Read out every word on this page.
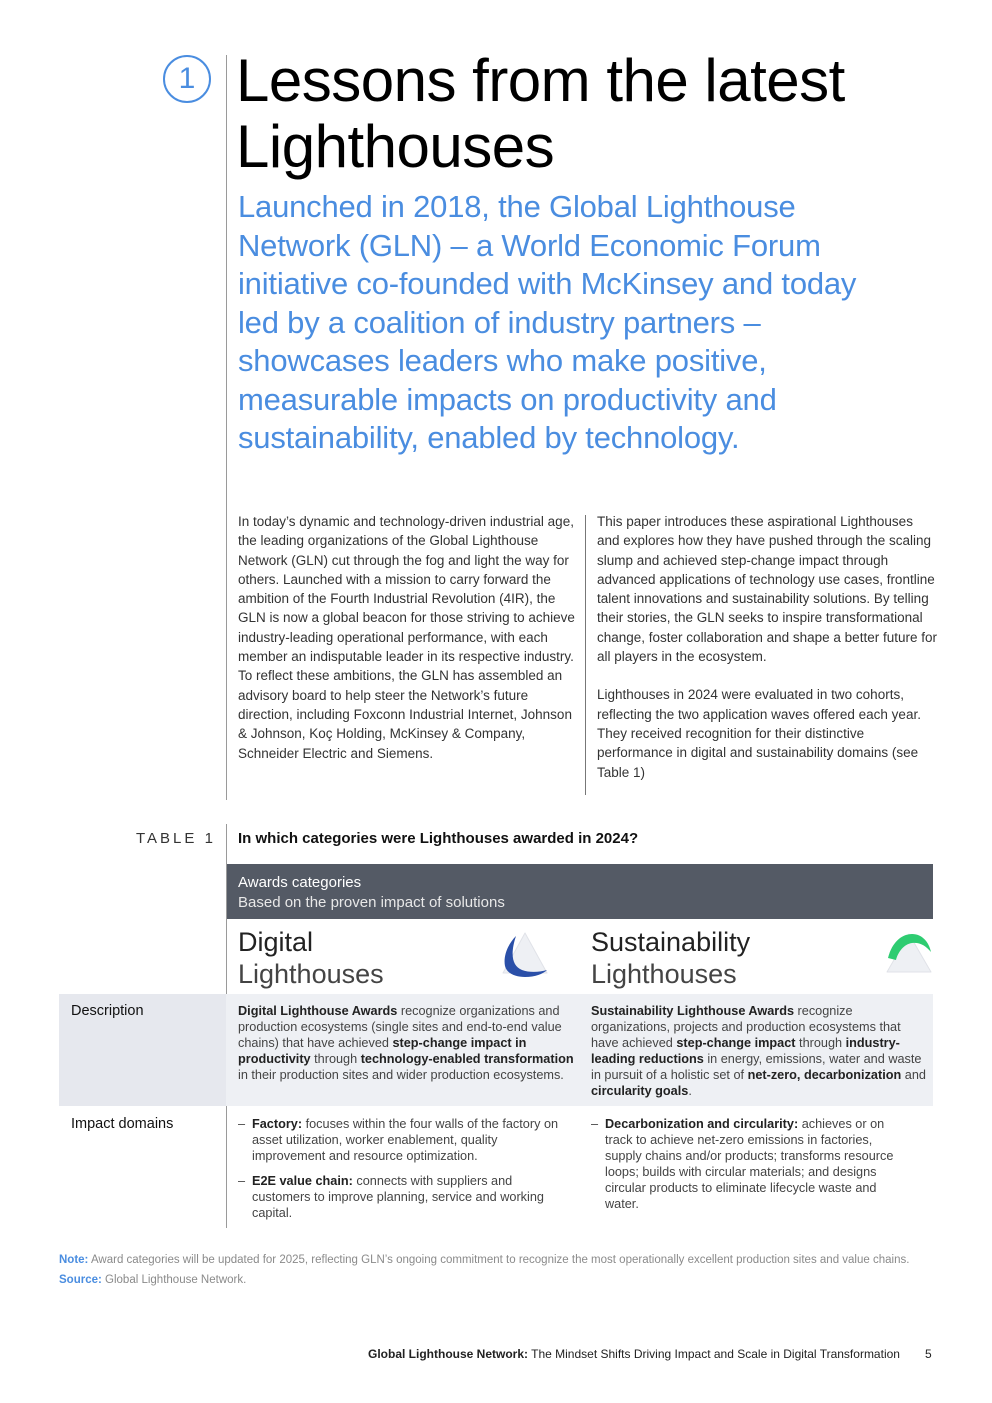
1 Lessons from the latest Lighthouses

Launched in 2018, the Global Lighthouse Network (GLN) – a World Economic Forum initiative co-founded with McKinsey and today led by a coalition of industry partners – showcases leaders who make positive, measurable impacts on productivity and sustainability, enabled by technology.

In today’s dynamic and technology-driven industrial age, the leading organizations of the Global Lighthouse Network (GLN) cut through the fog and light the way for others. Launched with a mission to carry forward the ambition of the Fourth Industrial Revolution (4IR), the GLN is now a global beacon for those striving to achieve industry-leading operational performance, with each member an indisputable leader in its respective industry. To reflect these ambitions, the GLN has assembled an advisory board to help steer the Network’s future direction, including Foxconn Industrial Internet, Johnson & Johnson, Koç Holding, McKinsey & Company, Schneider Electric and Siemens.

This paper introduces these aspirational Lighthouses and explores how they have pushed through the scaling slump and achieved step-change impact through advanced applications of technology use cases, frontline talent innovations and sustainability solutions. By telling their stories, the GLN seeks to inspire transformational change, foster collaboration and shape a better future for all players in the ecosystem.

Lighthouses in 2024 were evaluated in two cohorts, reflecting the two application waves offered each year. They received recognition for their distinctive performance in digital and sustainability domains (see Table 1)

TABLE 1 In which categories were Lighthouses awarded in 2024?
Awards categories
Based on the proven impact of solutions
Digital
Lighthouses
Sustainability
Lighthouses
Description	Digital Lighthouse Awards recognize organizations and production ecosystems (single sites and end-to-end value chains) that have achieved step-change impact in productivity through technology-enabled transformation in their production sites and wider production ecosystems.
Sustainability Lighthouse Awards recognize organizations, projects and production ecosystems that have achieved step-change impact through industry-leading reductions in energy, emissions, water and waste in pursuit of a holistic set of net-zero, decarbonization and circularity goals.
Impact domains	– Factory: focuses within the four walls of the factory on asset utilization, worker enablement, quality improvement and resource optimization.
– E2E value chain: connects with suppliers and customers to improve planning, service and working capital.
– Decarbonization and circularity: achieves or on track to achieve net-zero emissions in factories, supply chains and/or products; transforms resource loops; builds with circular materials; and designs circular products to eliminate lifecycle waste and water.
Note: Award categories will be updated for 2025, reflecting GLN’s ongoing commitment to recognize the most operationally excellent production sites and value chains.
Source: Global Lighthouse Network.
Global Lighthouse Network: The Mindset Shifts Driving Impact and Scale in Digital Transformation 5
